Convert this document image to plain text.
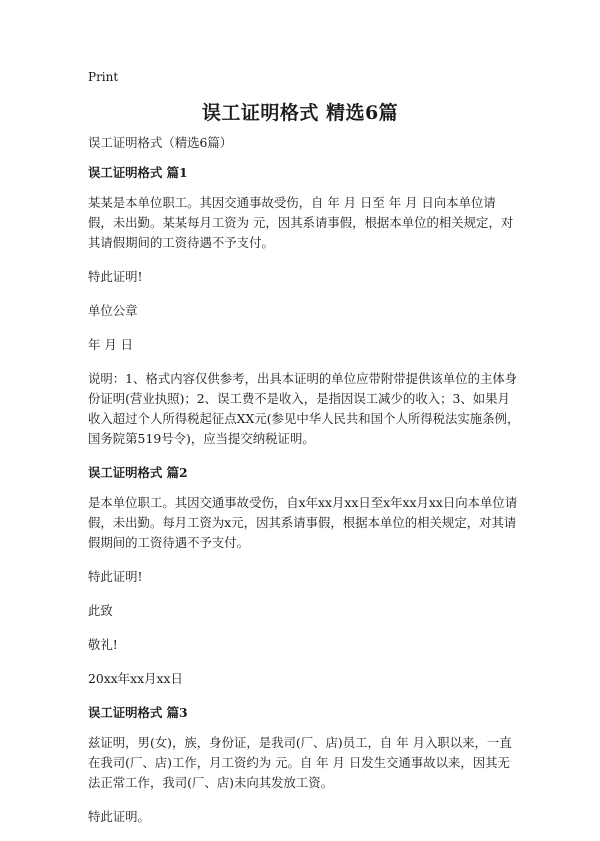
Print
误工证明格式 精选6篇

误工证明格式（精选6篇）

误工证明格式 篇1

某某是本单位职工。其因交通事故受伤，自 年 月 日至 年 月 日向本单位请假，未出勤。某某每月工资为 元，因其系请事假，根据本单位的相关规定，对其请假期间的工资待遇不予支付。

特此证明!

单位公章

年 月 日

说明：1、格式内容仅供参考，出具本证明的单位应带附带提供该单位的主体身份证明(营业执照)；2、误工费不是收入，是指因误工减少的收入；3、如果月收入超过个人所得税起征点XX元(参见中华人民共和国个人所得税法实施条例，国务院第519号令)，应当提交纳税证明。

误工证明格式 篇2

是本单位职工。其因交通事故受伤，自x年xx月xx日至x年xx月xx日向本单位请假，未出勤。每月工资为x元，因其系请事假，根据本单位的相关规定，对其请假期间的工资待遇不予支付。

特此证明!

此致

敬礼!

20xx年xx月xx日

误工证明格式 篇3

兹证明，男(女)，族，身份证，是我司(厂、店)员工，自 年 月入职以来，一直在我司(厂、店)工作，月工资约为 元。自 年 月 日发生交通事故以来，因其无法正常工作，我司(厂、店)未向其发放工资。

特此证明。
